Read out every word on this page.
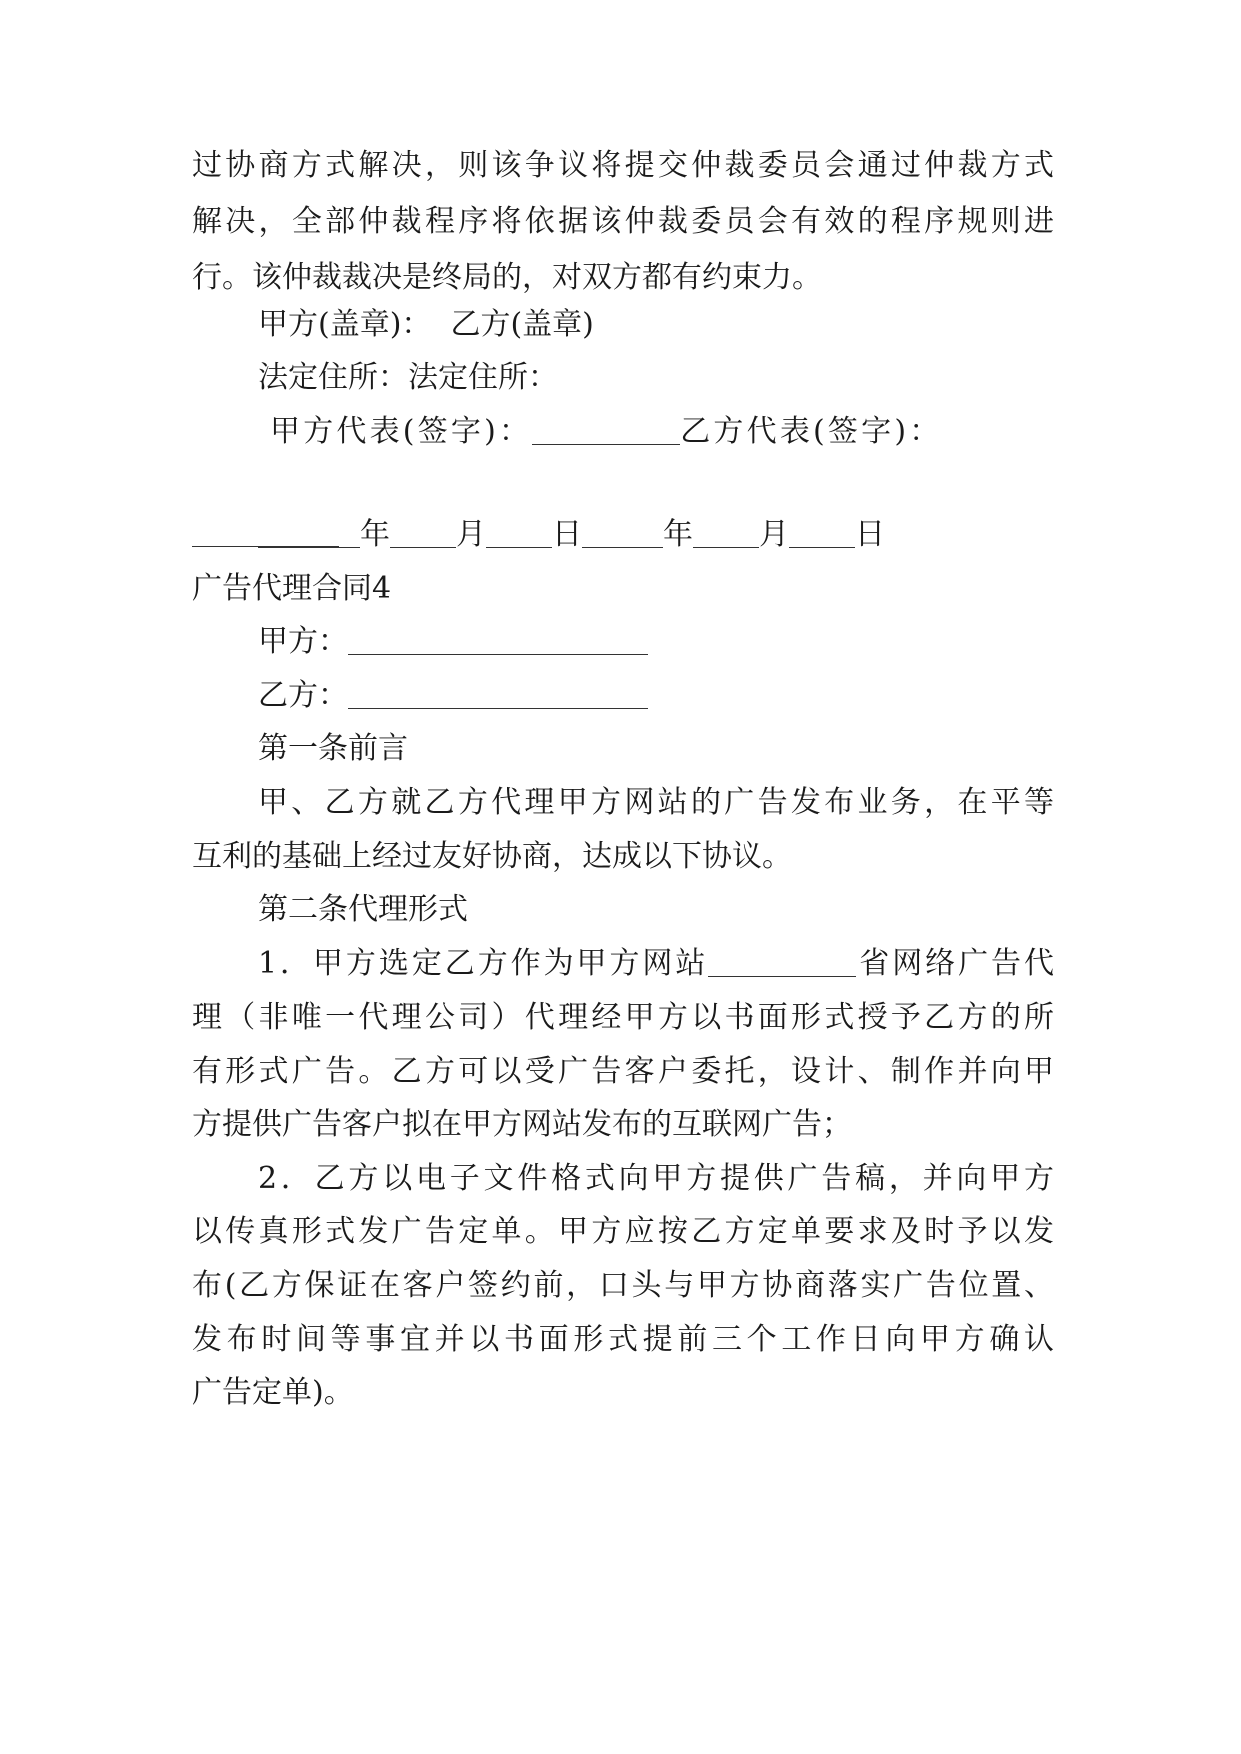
过协商方式解决，则该争议将提交仲裁委员会通过仲裁方式

解决，全部仲裁程序将依据该仲裁委员会有效的程序规则进

行。该仲裁裁决是终局的，对双方都有约束力。

甲方(盖章)：  乙方(盖章)

法定住所：法定住所：

甲方代表(签字)：	乙方代表(签字)：

年 月 日	年 月 日

广告代理合同4

甲方：

乙方：

第一条前言

甲、乙方就乙方代理甲方网站的广告发布业务，在平等

互利的基础上经过友好协商，达成以下协议。

第二条代理形式

1．甲方选定乙方作为甲方网站	省网络广告代

理（非唯一代理公司）代理经甲方以书面形式授予乙方的所

有形式广告。乙方可以受广告客户委托，设计、制作并向甲

方提供广告客户拟在甲方网站发布的互联网广告；

2．乙方以电子文件格式向甲方提供广告稿，并向甲方

以传真形式发广告定单。甲方应按乙方定单要求及时予以发

布(乙方保证在客户签约前，口头与甲方协商落实广告位置、

发布时间等事宜并以书面形式提前三个工作日向甲方确认

广告定单)。
